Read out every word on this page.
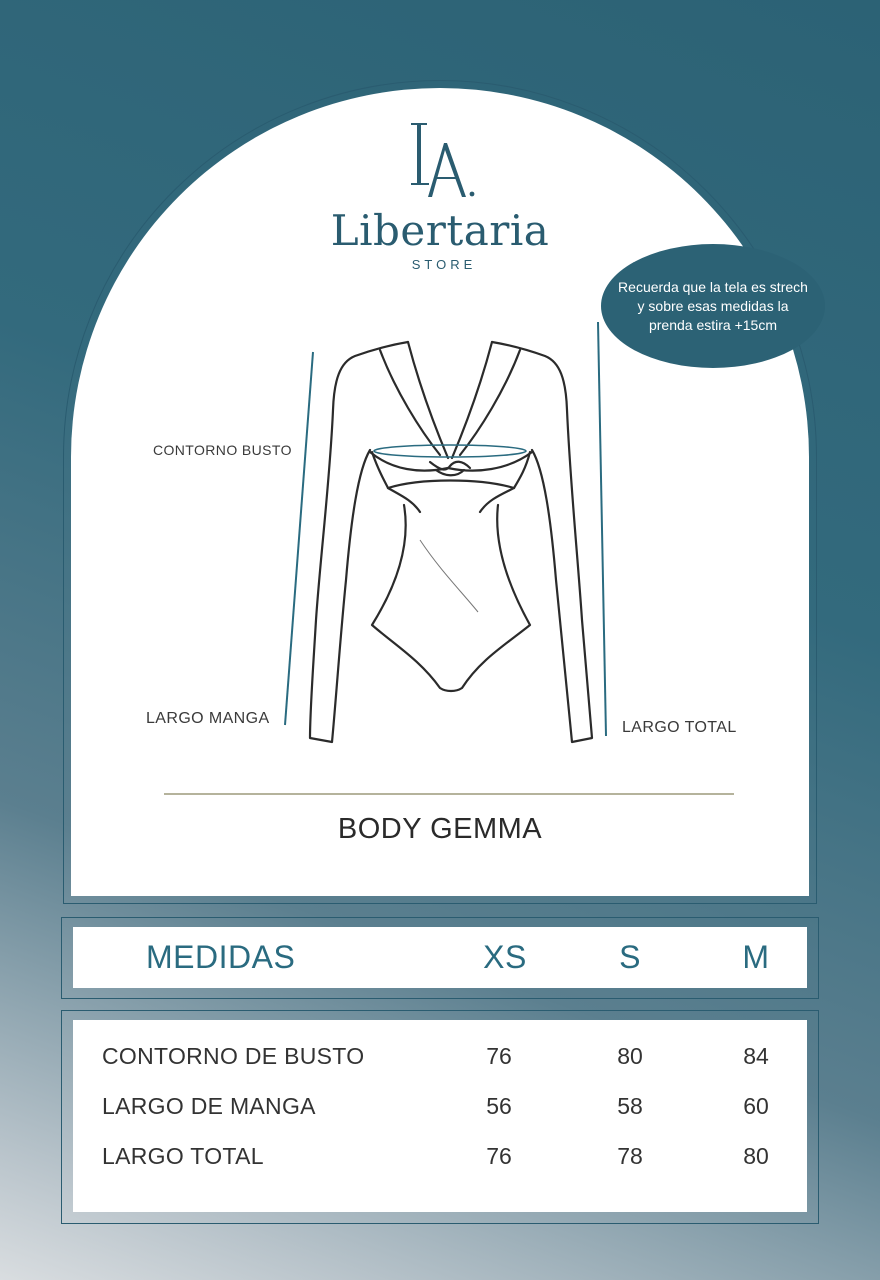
Libertaria
STORE
Recuerda que la tela es strech y sobre esas medidas la prenda estira +15cm
CONTORNO BUSTO
LARGO MANGA
LARGO TOTAL
BODY GEMMA
MEDIDAS	XS	S	M
CONTORNO DE BUSTO	76	80	84
LARGO DE MANGA	56	58	60
LARGO TOTAL	76	78	80
